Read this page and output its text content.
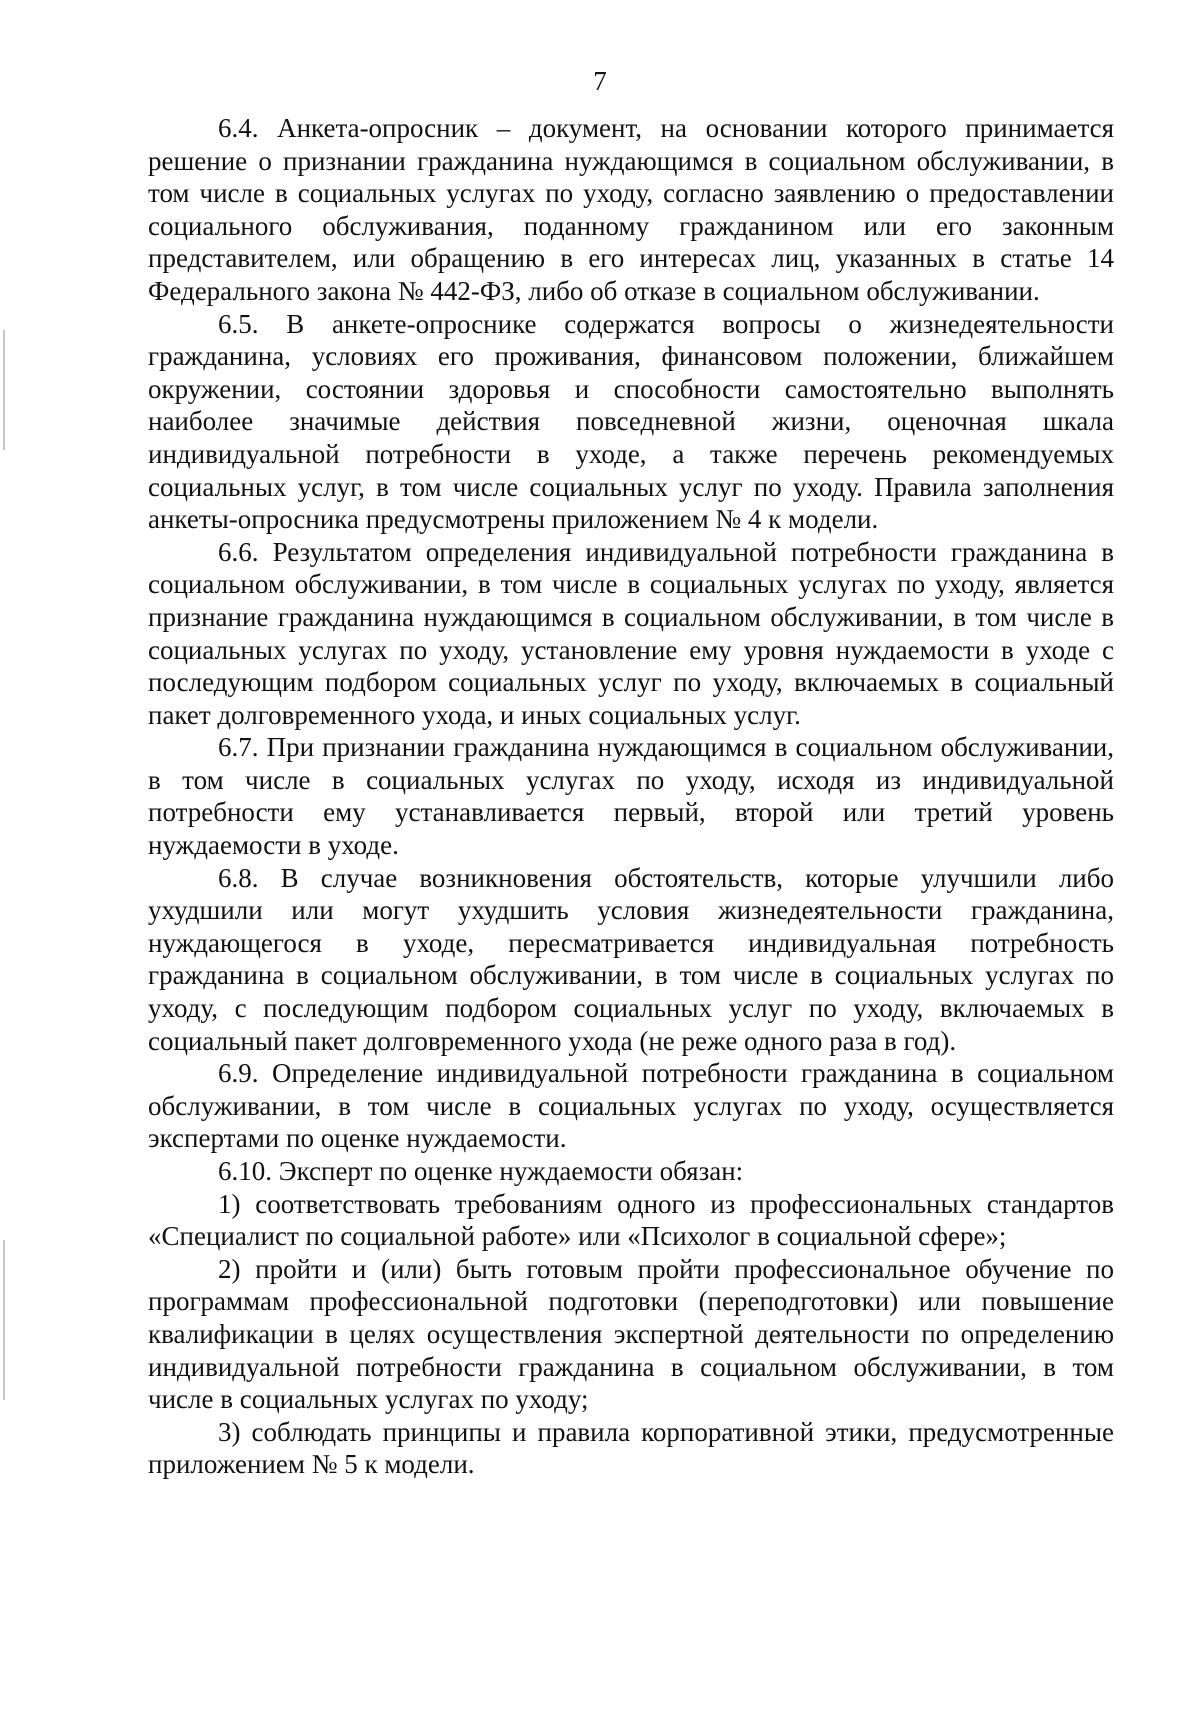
7

6.4. Анкета-опросник – документ, на основании которого принимается решение о признании гражданина нуждающимся в социальном обслуживании, в том числе в социальных услугах по уходу, согласно заявлению о предоставлении социального обслуживания, поданному гражданином или его законным представителем, или обращению в его интересах лиц, указанных в статье 14 Федерального закона № 442-ФЗ, либо об отказе в социальном обслуживании.

6.5. В анкете-опроснике содержатся вопросы о жизнедеятельности гражданина, условиях его проживания, финансовом положении, ближайшем окружении, состоянии здоровья и способности самостоятельно выполнять наиболее значимые действия повседневной жизни, оценочная шкала индивидуальной потребности в уходе, а также перечень рекомендуемых социальных услуг, в том числе социальных услуг по уходу. Правила заполнения анкеты-опросника предусмотрены приложением № 4 к модели.

6.6. Результатом определения индивидуальной потребности гражданина в социальном обслуживании, в том числе в социальных услугах по уходу, является признание гражданина нуждающимся в социальном обслуживании, в том числе в социальных услугах по уходу, установление ему уровня нуждаемости в уходе с последующим подбором социальных услуг по уходу, включаемых в социальный пакет долговременного ухода, и иных социальных услуг.

6.7. При признании гражданина нуждающимся в социальном обслуживании, в том числе в социальных услугах по уходу, исходя из индивидуальной потребности ему устанавливается первый, второй или третий уровень нуждаемости в уходе.

6.8. В случае возникновения обстоятельств, которые улучшили либо ухудшили или могут ухудшить условия жизнедеятельности гражданина, нуждающегося в уходе, пересматривается индивидуальная потребность гражданина в социальном обслуживании, в том числе в социальных услугах по уходу, с последующим подбором социальных услуг по уходу, включаемых в социальный пакет долговременного ухода (не реже одного раза в год).

6.9. Определение индивидуальной потребности гражданина в социальном обслуживании, в том числе в социальных услугах по уходу, осуществляется экспертами по оценке нуждаемости.

6.10. Эксперт по оценке нуждаемости обязан:

1) соответствовать требованиям одного из профессиональных стандартов «Специалист по социальной работе» или «Психолог в социальной сфере»;

2) пройти и (или) быть готовым пройти профессиональное обучение по программам профессиональной подготовки (переподготовки) или повышение квалификации в целях осуществления экспертной деятельности по определению индивидуальной потребности гражданина в социальном обслуживании, в том числе в социальных услугах по уходу;

3) соблюдать принципы и правила корпоративной этики, предусмотренные приложением № 5 к модели.
